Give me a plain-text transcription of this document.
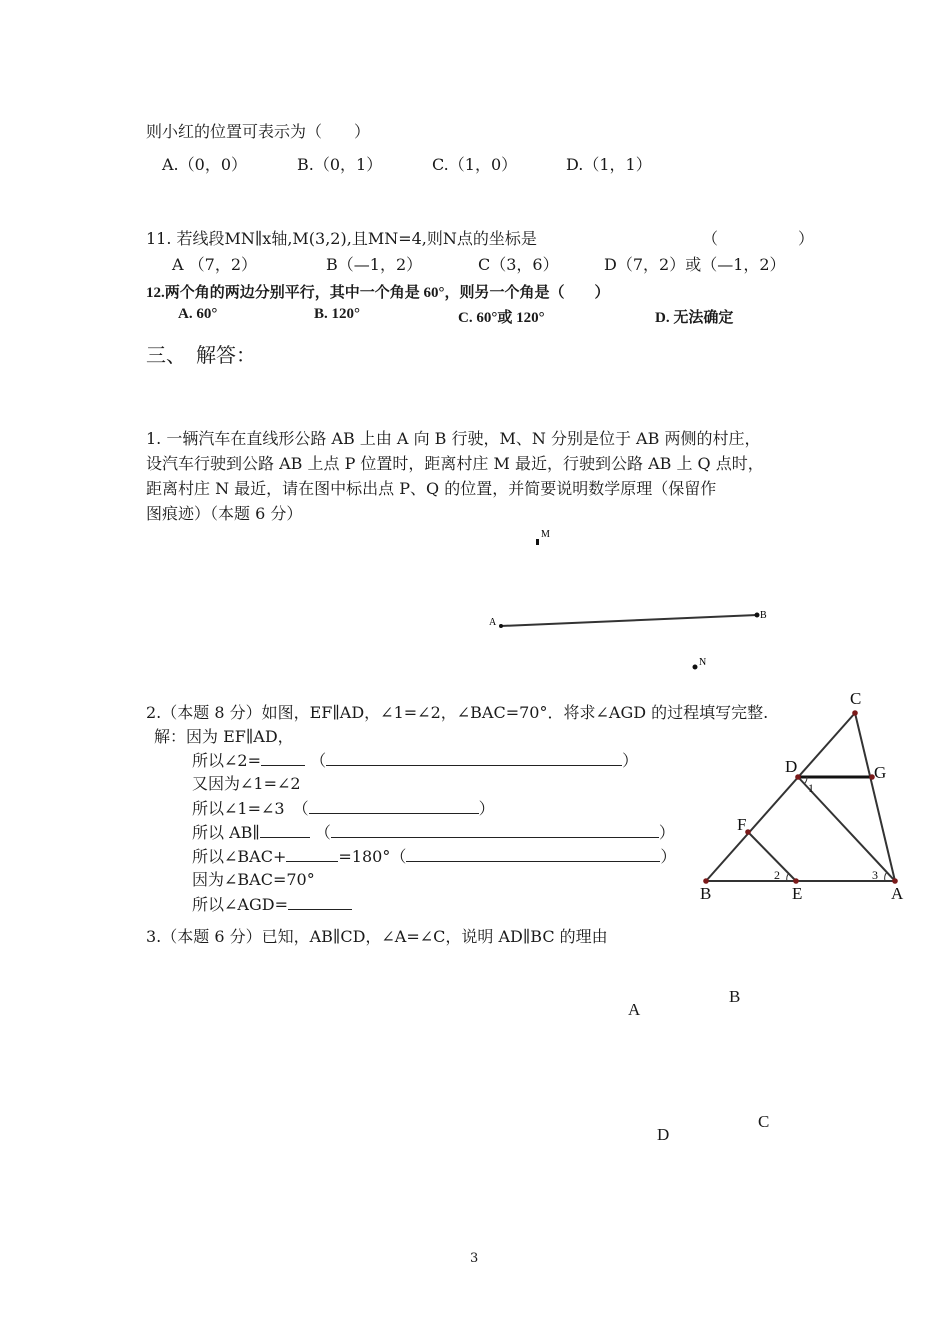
则小红的位置可表示为（　　）
A.（0，0）	B.（0，1）	C.（1，0）	D.（1，1）
11. 若线段MN∥x轴,M(3,2),且MN=4,则N点的坐标是	（　　　　　）
A （7，2）	B（—1，2）	C（3，6）	D（7，2）或（—1，2）
12.两个角的两边分别平行，其中一个角是 60°，则另一个角是（　　）
A. 60°	B. 120°	C. 60°或 120°	D. 无法确定
三、　解答：
1. 一辆汽车在直线形公路 AB 上由 A 向 B 行驶，M、N 分别是位于 AB 两侧的村庄，
设汽车行驶到公路 AB 上点 P 位置时，距离村庄 M 最近，行驶到公路 AB 上 Q 点时，
距离村庄 N 最近，请在图中标出点 P、Q 的位置，并简要说明数学原理（保留作
图痕迹）（本题 6 分）
M
A
B
N
2.（本题 8 分）如图，EF∥AD，∠1=∠2，∠BAC=70°．将求∠AGD 的过程填写完整.
解：因为 EF∥AD，
所以∠2=	（	）
又因为∠1=∠2
所以∠1=∠3　（	）
所以 AB∥	（	）
所以∠BAC+	=180°（	）
因为∠BAC=70°
所以∠AGD=
C
D	G
F
B	E	A
1
2	3
3.（本题 6 分）已知，AB∥CD，∠A=∠C，说明 AD∥BC 的理由
A
B
C
D
3
